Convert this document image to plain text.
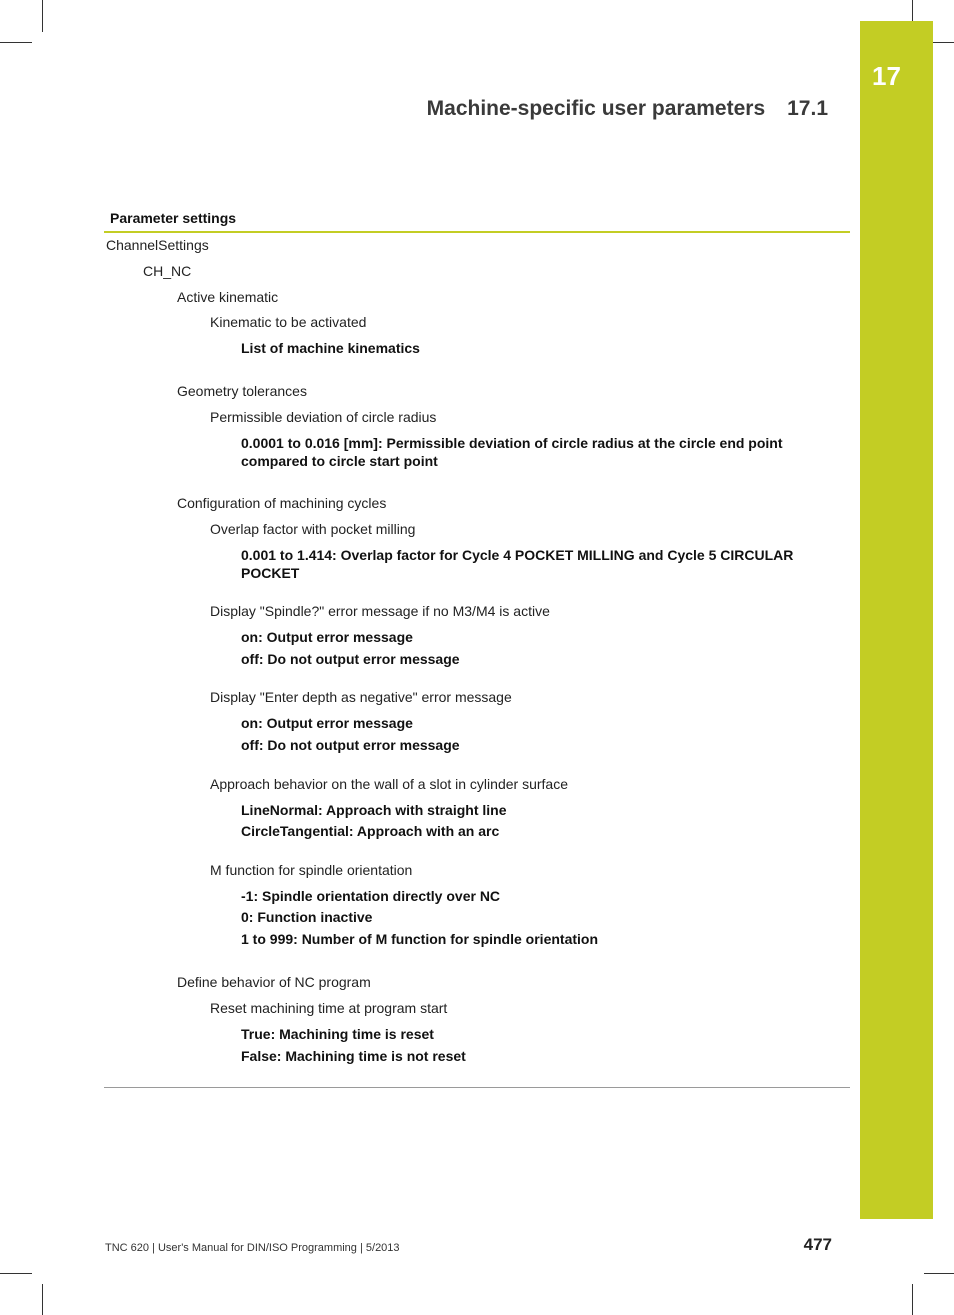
17
Machine-specific user parameters 17.1
Parameter settings
ChannelSettings
CH_NC
Active kinematic
Kinematic to be activated
List of machine kinematics
Geometry tolerances
Permissible deviation of circle radius
0.0001 to 0.016 [mm]: Permissible deviation of circle radius at the circle end point compared to circle start point
Configuration of machining cycles
Overlap factor with pocket milling
0.001 to 1.414: Overlap factor for Cycle 4 POCKET MILLING and Cycle 5 CIRCULAR POCKET
Display "Spindle?" error message if no M3/M4 is active
on: Output error message
off: Do not output error message
Display "Enter depth as negative" error message
on: Output error message
off: Do not output error message
Approach behavior on the wall of a slot in cylinder surface
LineNormal: Approach with straight line
CircleTangential: Approach with an arc
M function for spindle orientation
-1: Spindle orientation directly over NC
0: Function inactive
1 to 999: Number of M function for spindle orientation
Define behavior of NC program
Reset machining time at program start
True: Machining time is reset
False: Machining time is not reset
TNC 620 | User's Manual for DIN/ISO Programming | 5/2013	477
